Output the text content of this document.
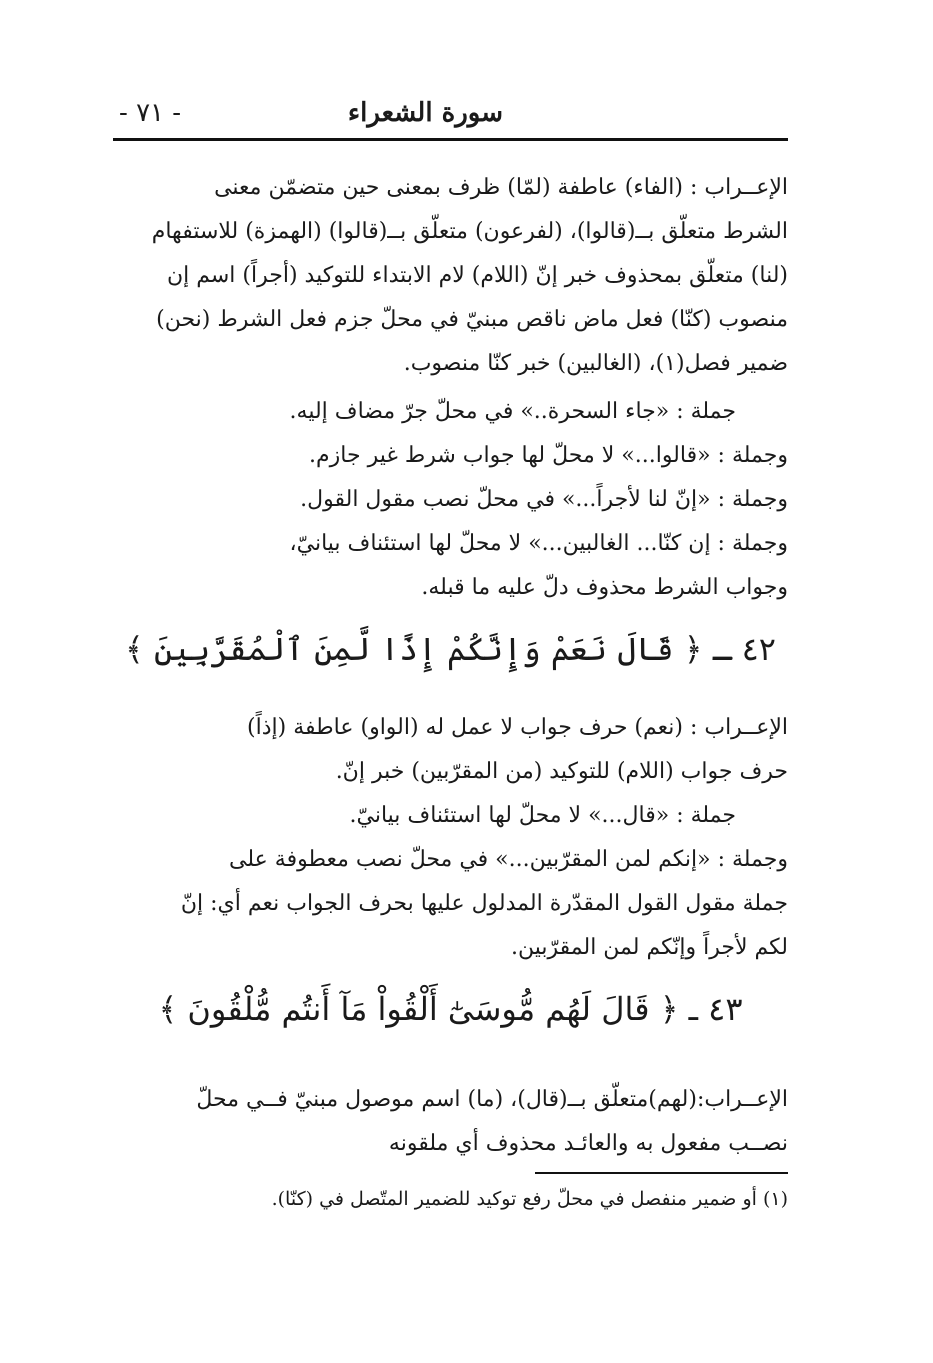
سورة الشعراء
- ٧١ -
الإعــراب : (الفاء) عاطفة (لمّا) ظرف بمعنى حين متضمّن معنى
الشرط متعلّق بــ(قالوا)، (لفرعون) متعلّق بــ(قالوا) (الهمزة) للاستفهام
(لنا) متعلّق بمحذوف خبر إنّ (اللام) لام الابتداء للتوكيد (أجراً) اسم إن
منصوب (كنّا) فعل ماض ناقص مبنيّ في محلّ جزم فعل الشرط (نحن)
ضمير فصل(١)، (الغالبين) خبر كنّا منصوب.
جملة : «جاء السحرة..» في محلّ جرّ مضاف إليه.
وجملة : «قالوا...» لا محلّ لها جواب شرط غير جازم.
وجملة : «إنّ لنا لأجراً...» في محلّ نصب مقول القول.
وجملة : إن كنّا... الغالبين...» لا محلّ لها استئناف بيانيّ،
وجواب الشرط محذوف دلّ عليه ما قبله.
٤٢ ـ ﴿ قَالَ نَعَمْ وَإِنَّكُمْ إِذًا لَّمِنَ ٱلْمُقَرَّبِينَ ﴾
الإعــراب : (نعم) حرف جواب لا عمل له (الواو) عاطفة (إذاً)
حرف جواب (اللام) للتوكيد (من المقرّبين) خبر إنّ.
جملة : «قال...» لا محلّ لها استئناف بيانيّ.
وجملة : «إنكم لمن المقرّبين...» في محلّ نصب معطوفة على
جملة مقول القول المقدّرة المدلول عليها بحرف الجواب نعم أي: إنّ
لكم لأجراً وإنّكم لمن المقرّبين.
٤٣ ـ ﴿ قَالَ لَهُم مُّوسَىٰٓ أَلْقُواْ مَآ أَنتُم مُّلْقُونَ ﴾
الإعــراب:(لهم)متعلّق بــ(قال)، (ما) اسم موصول مبنيّ فــي محلّ
نصــب مفعول به والعائـد محذوف أي ملقونه
(١) أو ضمير منفصل في محلّ رفع توكيد للضمير المتّصل في (كنّا).
